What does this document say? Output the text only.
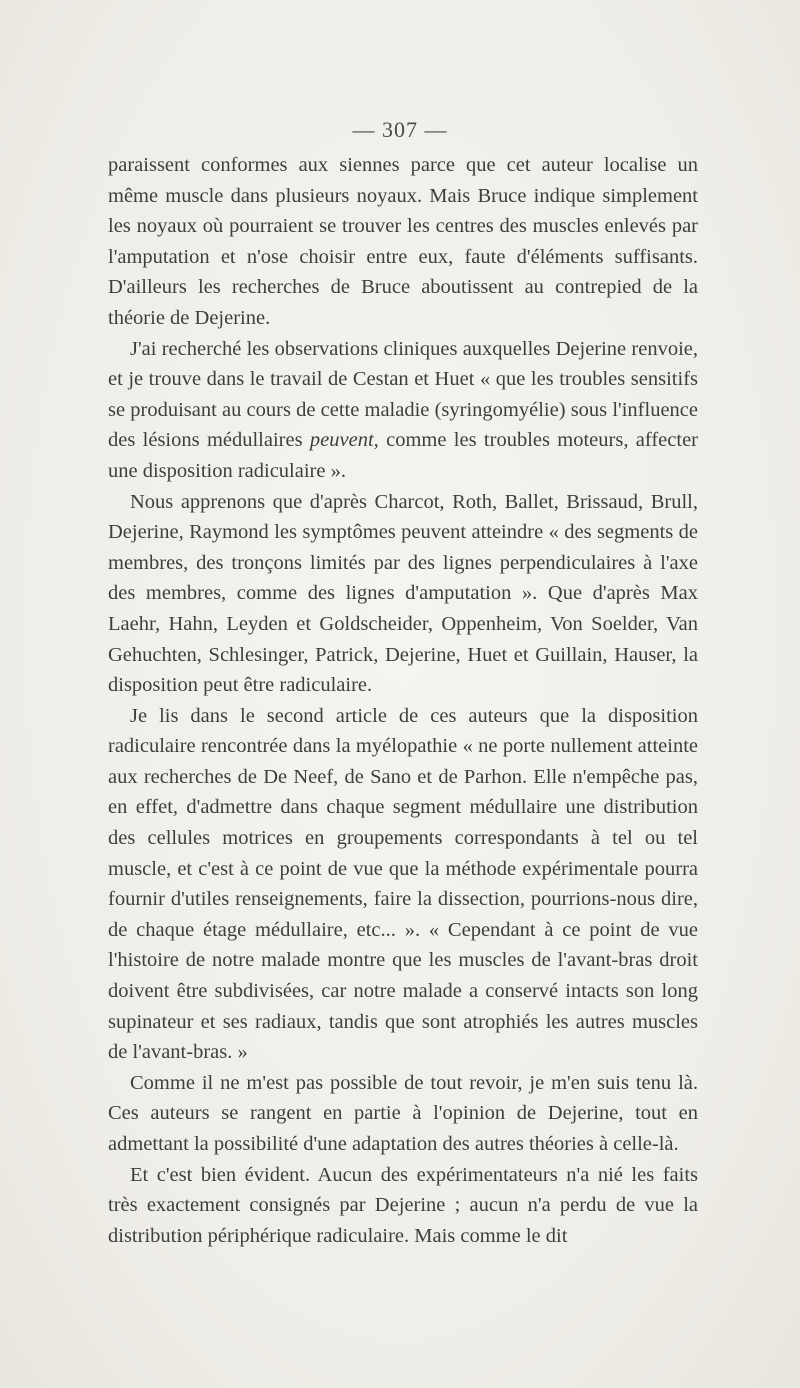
— 307 —

paraissent conformes aux siennes parce que cet auteur localise un même muscle dans plusieurs noyaux. Mais Bruce indique simplement les noyaux où pourraient se trouver les centres des muscles enlevés par l'amputation et n'ose choisir entre eux, faute d'éléments suffisants. D'ailleurs les recherches de Bruce aboutissent au contrepied de la théorie de Dejerine.

J'ai recherché les observations cliniques auxquelles Dejerine renvoie, et je trouve dans le travail de Cestan et Huet « que les troubles sensitifs se produisant au cours de cette maladie (syringomyélie) sous l'influence des lésions médullaires peuvent, comme les troubles moteurs, affecter une disposition radiculaire ».

Nous apprenons que d'après Charcot, Roth, Ballet, Brissaud, Brull, Dejerine, Raymond les symptômes peuvent atteindre « des segments de membres, des tronçons limités par des lignes perpendiculaires à l'axe des membres, comme des lignes d'amputation ». Que d'après Max Laehr, Hahn, Leyden et Goldscheider, Oppenheim, Von Soelder, Van Gehuchten, Schlesinger, Patrick, Dejerine, Huet et Guillain, Hauser, la disposition peut être radiculaire.

Je lis dans le second article de ces auteurs que la disposition radiculaire rencontrée dans la myélopathie « ne porte nullement atteinte aux recherches de De Neef, de Sano et de Parhon. Elle n'empêche pas, en effet, d'admettre dans chaque segment médullaire une distribution des cellules motrices en groupements correspondants à tel ou tel muscle, et c'est à ce point de vue que la méthode expérimentale pourra fournir d'utiles renseignements, faire la dissection, pourrions-nous dire, de chaque étage médullaire, etc... ». « Cependant à ce point de vue l'histoire de notre malade montre que les muscles de l'avant-bras droit doivent être subdivisées, car notre malade a conservé intacts son long supinateur et ses radiaux, tandis que sont atrophiés les autres muscles de l'avant-bras. »

Comme il ne m'est pas possible de tout revoir, je m'en suis tenu là. Ces auteurs se rangent en partie à l'opinion de Dejerine, tout en admettant la possibilité d'une adaptation des autres théories à celle-là.

Et c'est bien évident. Aucun des expérimentateurs n'a nié les faits très exactement consignés par Dejerine ; aucun n'a perdu de vue la distribution périphérique radiculaire. Mais comme le dit
